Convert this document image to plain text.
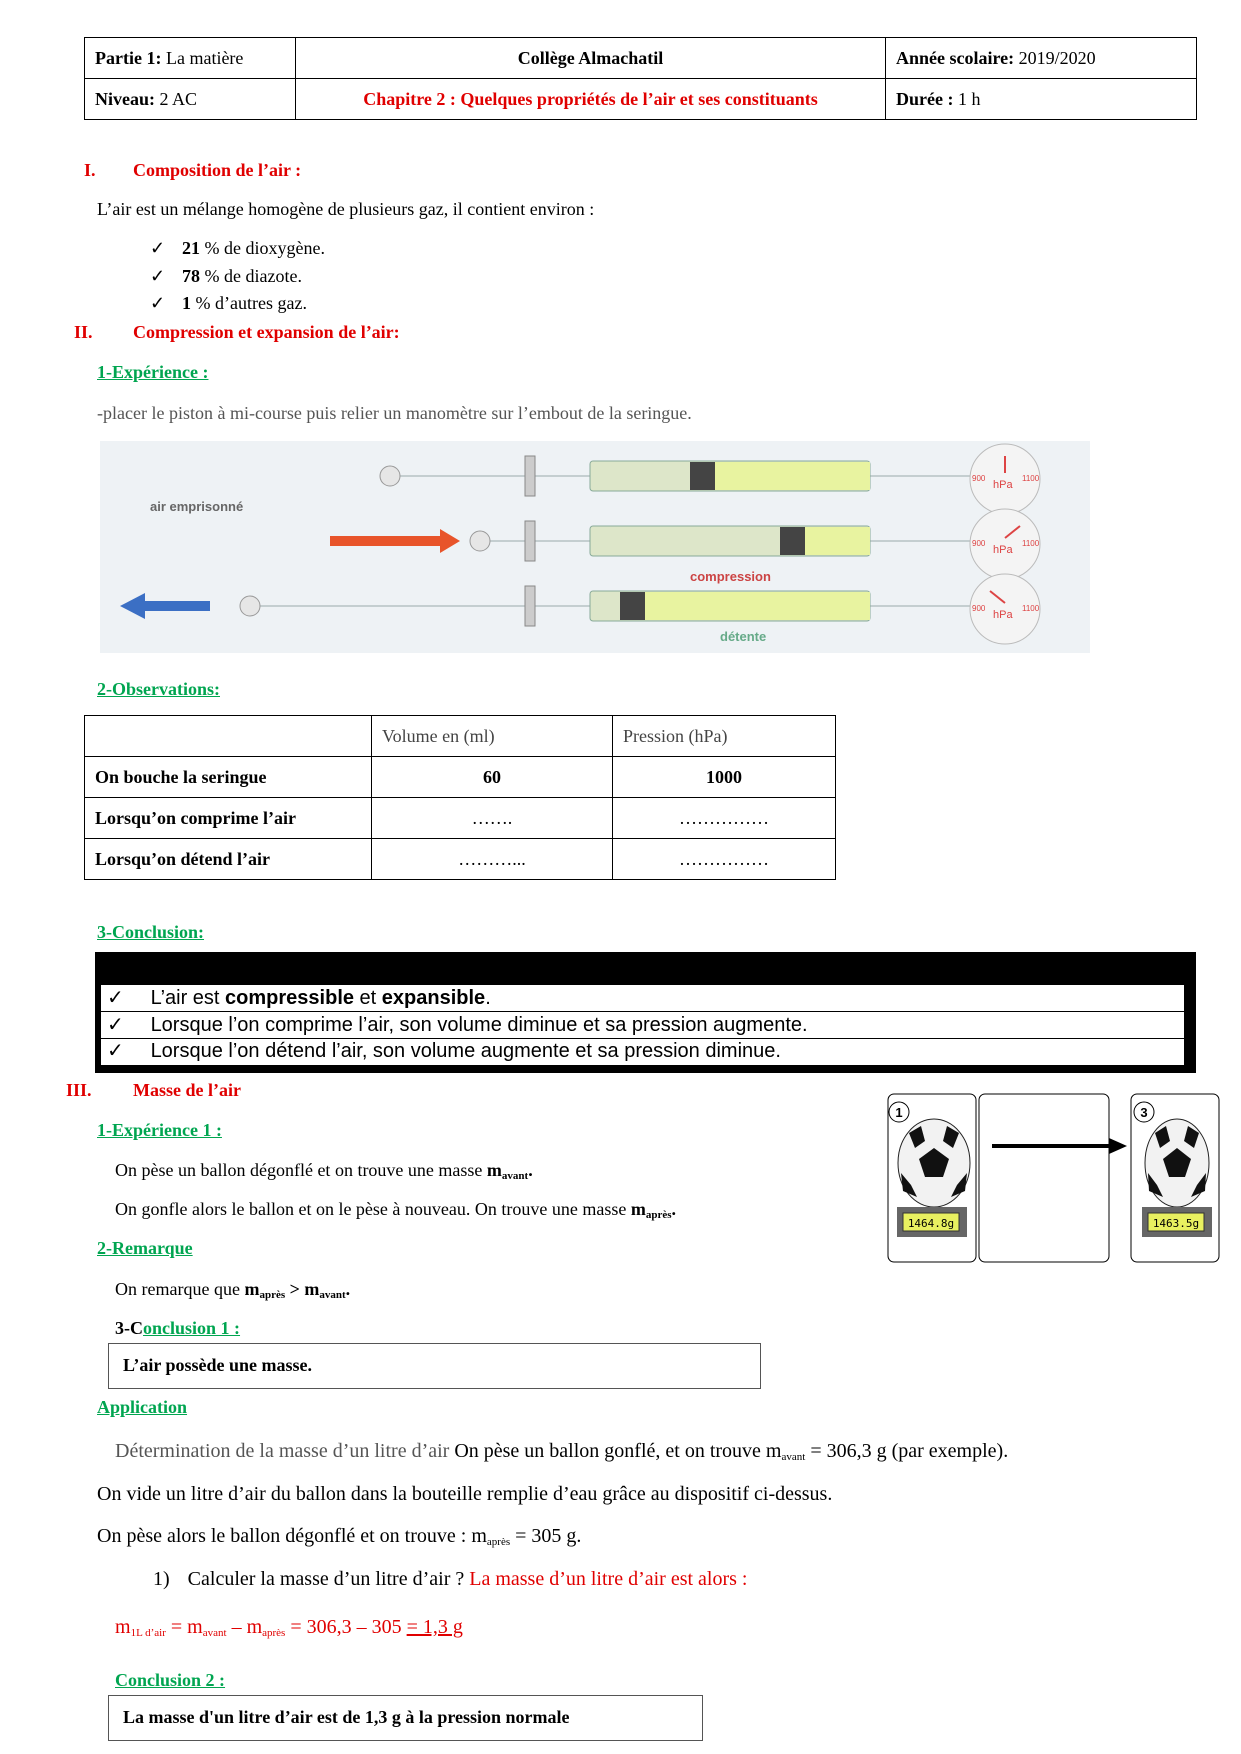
Partie 1: La matière	Collège Almachatil	Année scolaire: 2019/2020
Niveau: 2 AC	Chapitre 2 : Quelques propriétés de l’air et ses constituants	Durée : 1 h
I. Composition de l’air :
L’air est un mélange homogène de plusieurs gaz, il contient environ :
✓ 21 % de dioxygène.
✓ 78 % de diazote.
✓ 1 % d’autres gaz.
II. Compression et expansion de l’air:
1-Expérience :
-placer le piston à mi-course puis relier un manomètre sur l’embout de la seringue.
air emprisonné
compression
détente
hPa
hPa
hPa
900	1100
900	1100
900	1100
2-Observations:
	Volume en (ml)	Pression (hPa)
On bouche la seringue	60	1000
Lorsqu’on comprime l’air	…….	……………
Lorsqu’on détend l’air	………...	……………
3-Conclusion:
✓ L’air est compressible et expansible.
✓ Lorsque l’on comprime l’air, son volume diminue et sa pression augmente.
✓ Lorsque l’on détend l’air, son volume augmente et sa pression diminue.
III. Masse de l’air
1-Expérience 1 :
On pèse un ballon dégonflé et on trouve une masse $m_{avant}$.
On gonfle alors le ballon et on le pèse à nouveau. On trouve une masse $m_{après}$.
2-Remarque
On remarque que $m_{après} > m_{avant}$.
3-Conclusion 1 :
L’air possède une masse.
1	3
1464.8g	1463.5g
Application
Détermination de la masse d’un litre d’air On pèse un ballon gonflé, et on trouve $m_{avant} = 306,3$ g (par exemple).
On vide un litre d’air du ballon dans la bouteille remplie d’eau grâce au dispositif ci-dessus.
On pèse alors le ballon dégonflé et on trouve : $m_{après} = 305$ g.
1) Calculer la masse d’un litre d’air ? La masse d’un litre d’air est alors :
$m_{1L d’air} = m_{avant} - m_{après} = 306,3 - 305 = 1,3$ g
Conclusion 2 :
La masse d'un litre d’air est de 1,3 g à la pression normale
